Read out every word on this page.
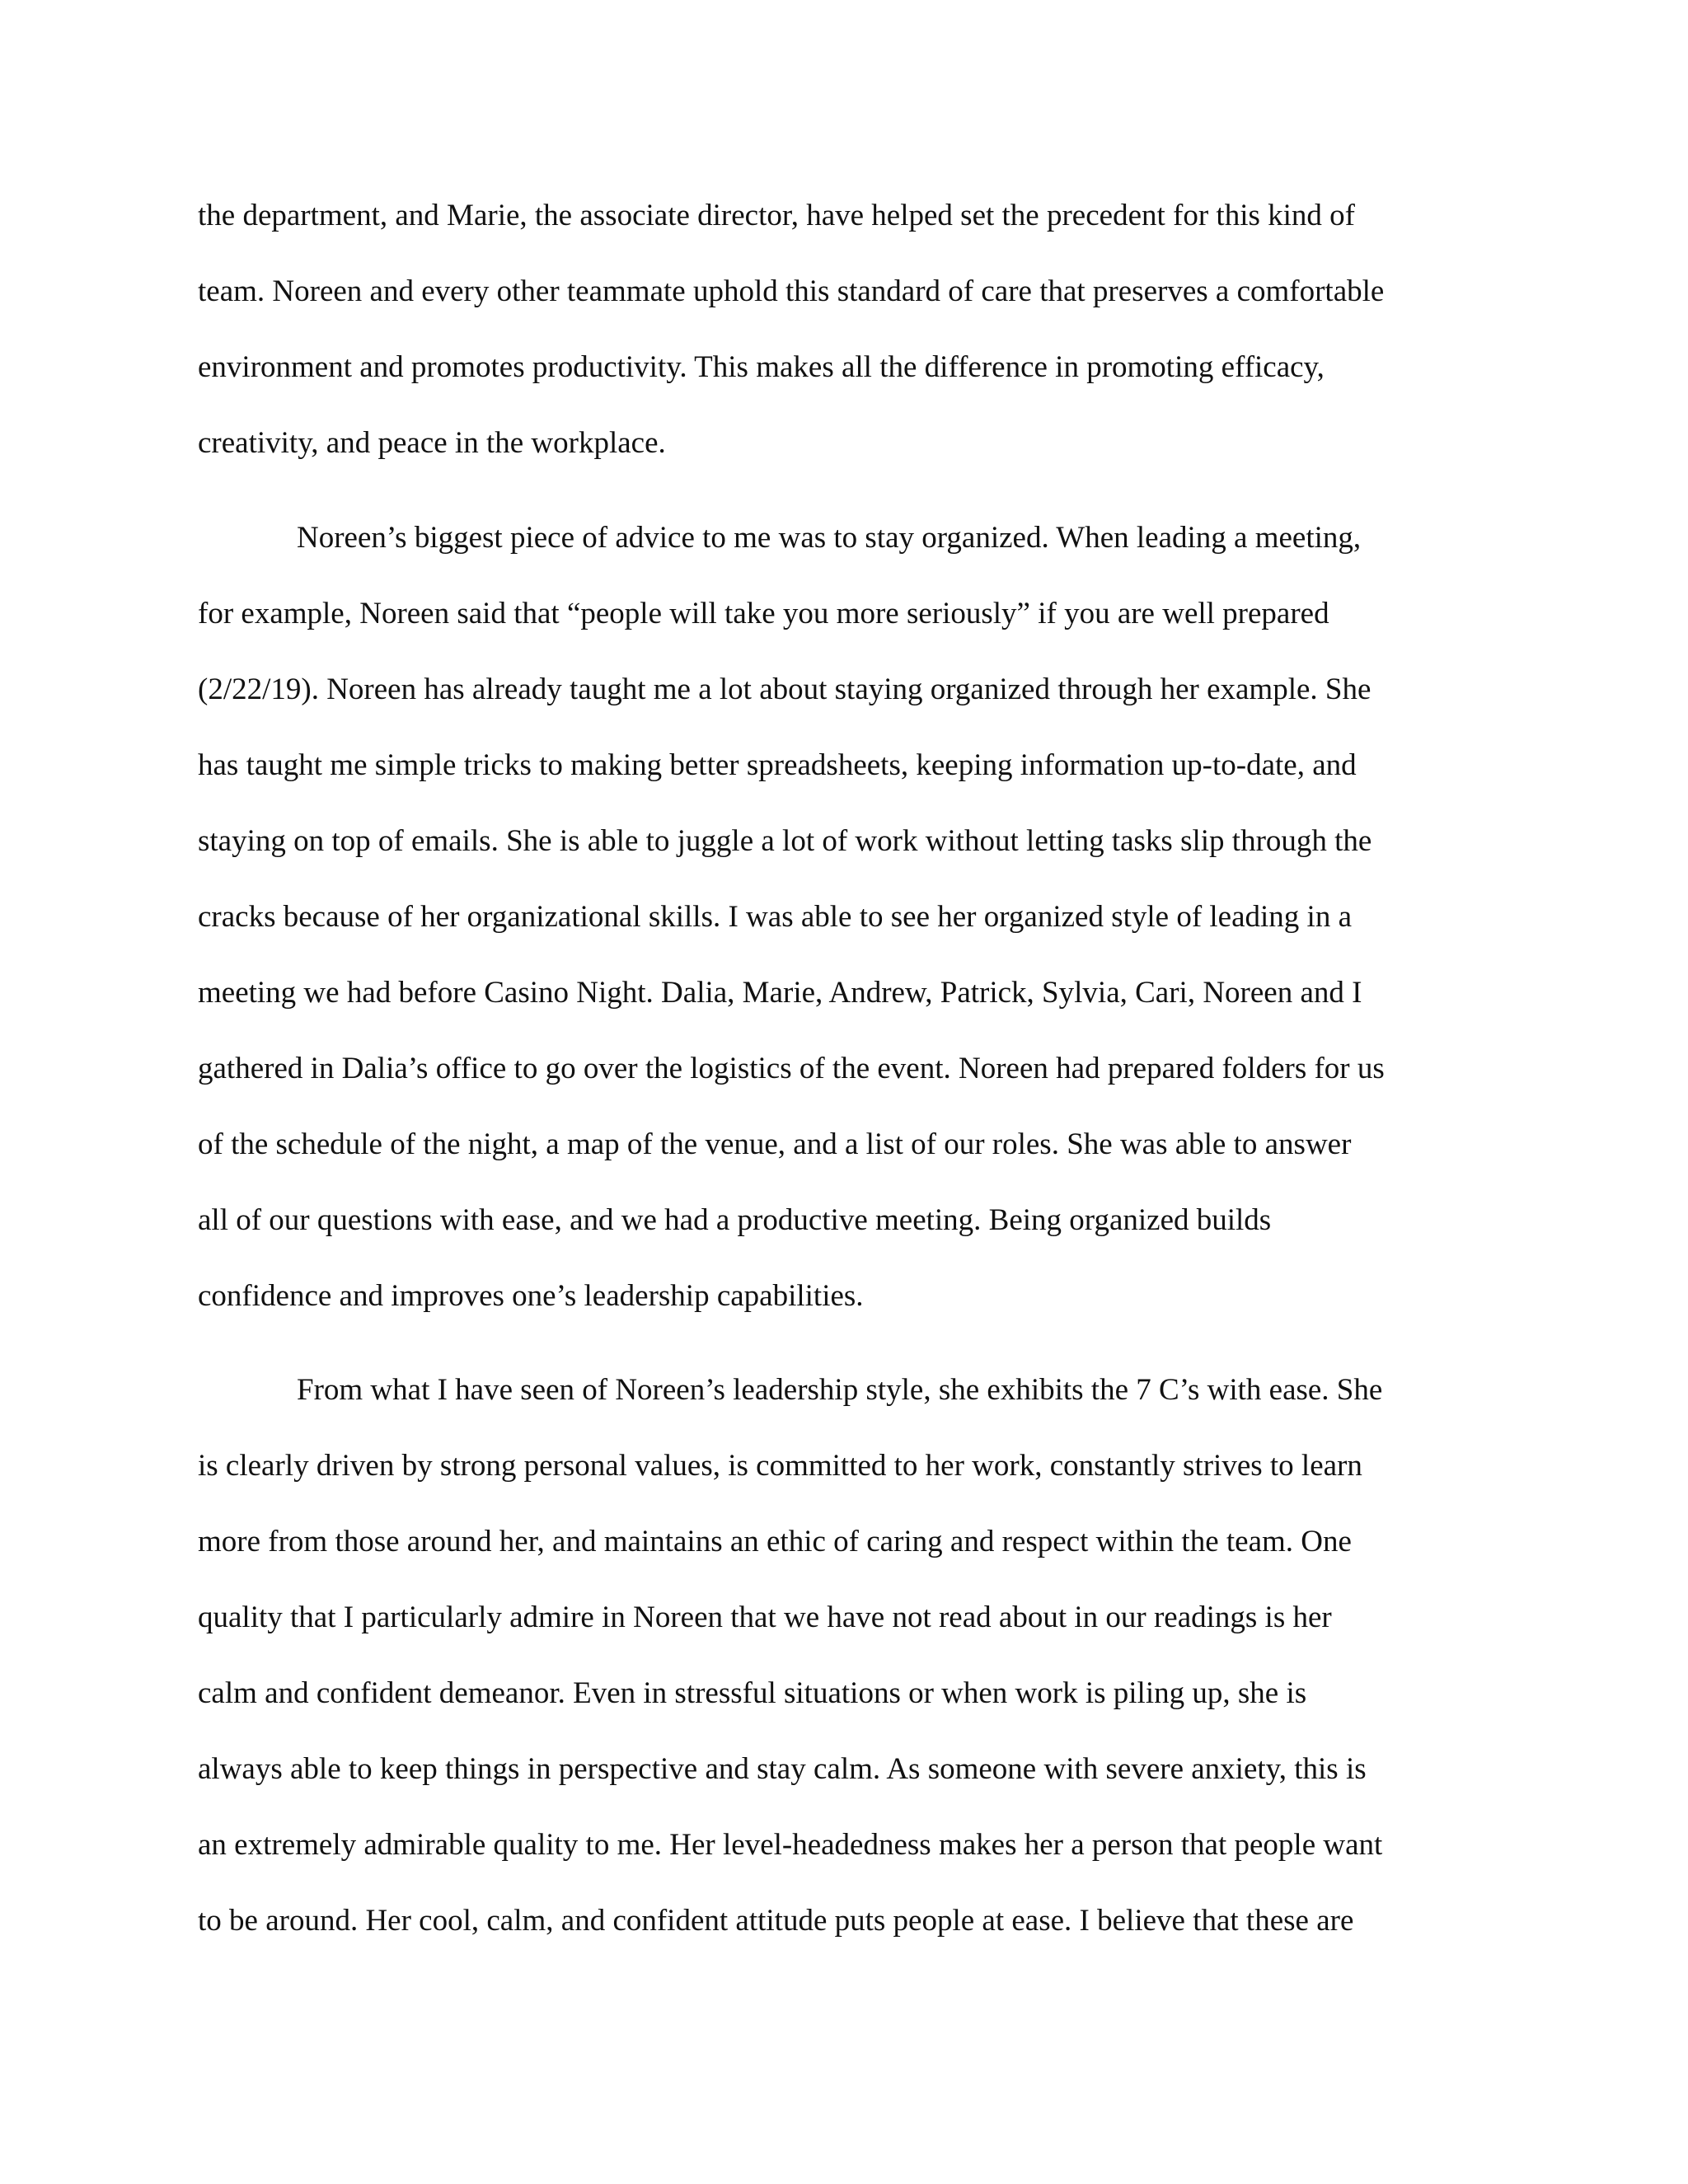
the department, and Marie, the associate director, have helped set the precedent for this kind of

team. Noreen and every other teammate uphold this standard of care that preserves a comfortable

environment and promotes productivity. This makes all the difference in promoting efficacy,

creativity, and peace in the workplace.

Noreen’s biggest piece of advice to me was to stay organized. When leading a meeting,

for example, Noreen said that “people will take you more seriously” if you are well prepared

(2/22/19). Noreen has already taught me a lot about staying organized through her example. She

has taught me simple tricks to making better spreadsheets, keeping information up-to-date, and

staying on top of emails. She is able to juggle a lot of work without letting tasks slip through the

cracks because of her organizational skills. I was able to see her organized style of leading in a

meeting we had before Casino Night. Dalia, Marie, Andrew, Patrick, Sylvia, Cari, Noreen and I

gathered in Dalia’s office to go over the logistics of the event. Noreen had prepared folders for us

of the schedule of the night, a map of the venue, and a list of our roles. She was able to answer

all of our questions with ease, and we had a productive meeting. Being organized builds

confidence and improves one’s leadership capabilities.

From what I have seen of Noreen’s leadership style, she exhibits the 7 C’s with ease. She

is clearly driven by strong personal values, is committed to her work, constantly strives to learn

more from those around her, and maintains an ethic of caring and respect within the team. One

quality that I particularly admire in Noreen that we have not read about in our readings is her

calm and confident demeanor. Even in stressful situations or when work is piling up, she is

always able to keep things in perspective and stay calm. As someone with severe anxiety, this is

an extremely admirable quality to me. Her level-headedness makes her a person that people want

to be around. Her cool, calm, and confident attitude puts people at ease. I believe that these are
